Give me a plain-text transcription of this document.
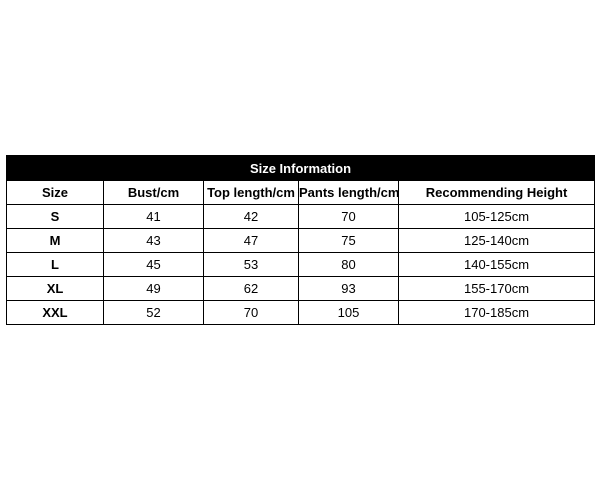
Size Information				
Size	Bust/cm	Top length/cm	Pants length/cm	Recommending Height
S	41	42	70	105-125cm
M	43	47	75	125-140cm
L	45	53	80	140-155cm
XL	49	62	93	155-170cm
XXL	52	70	105	170-185cm
